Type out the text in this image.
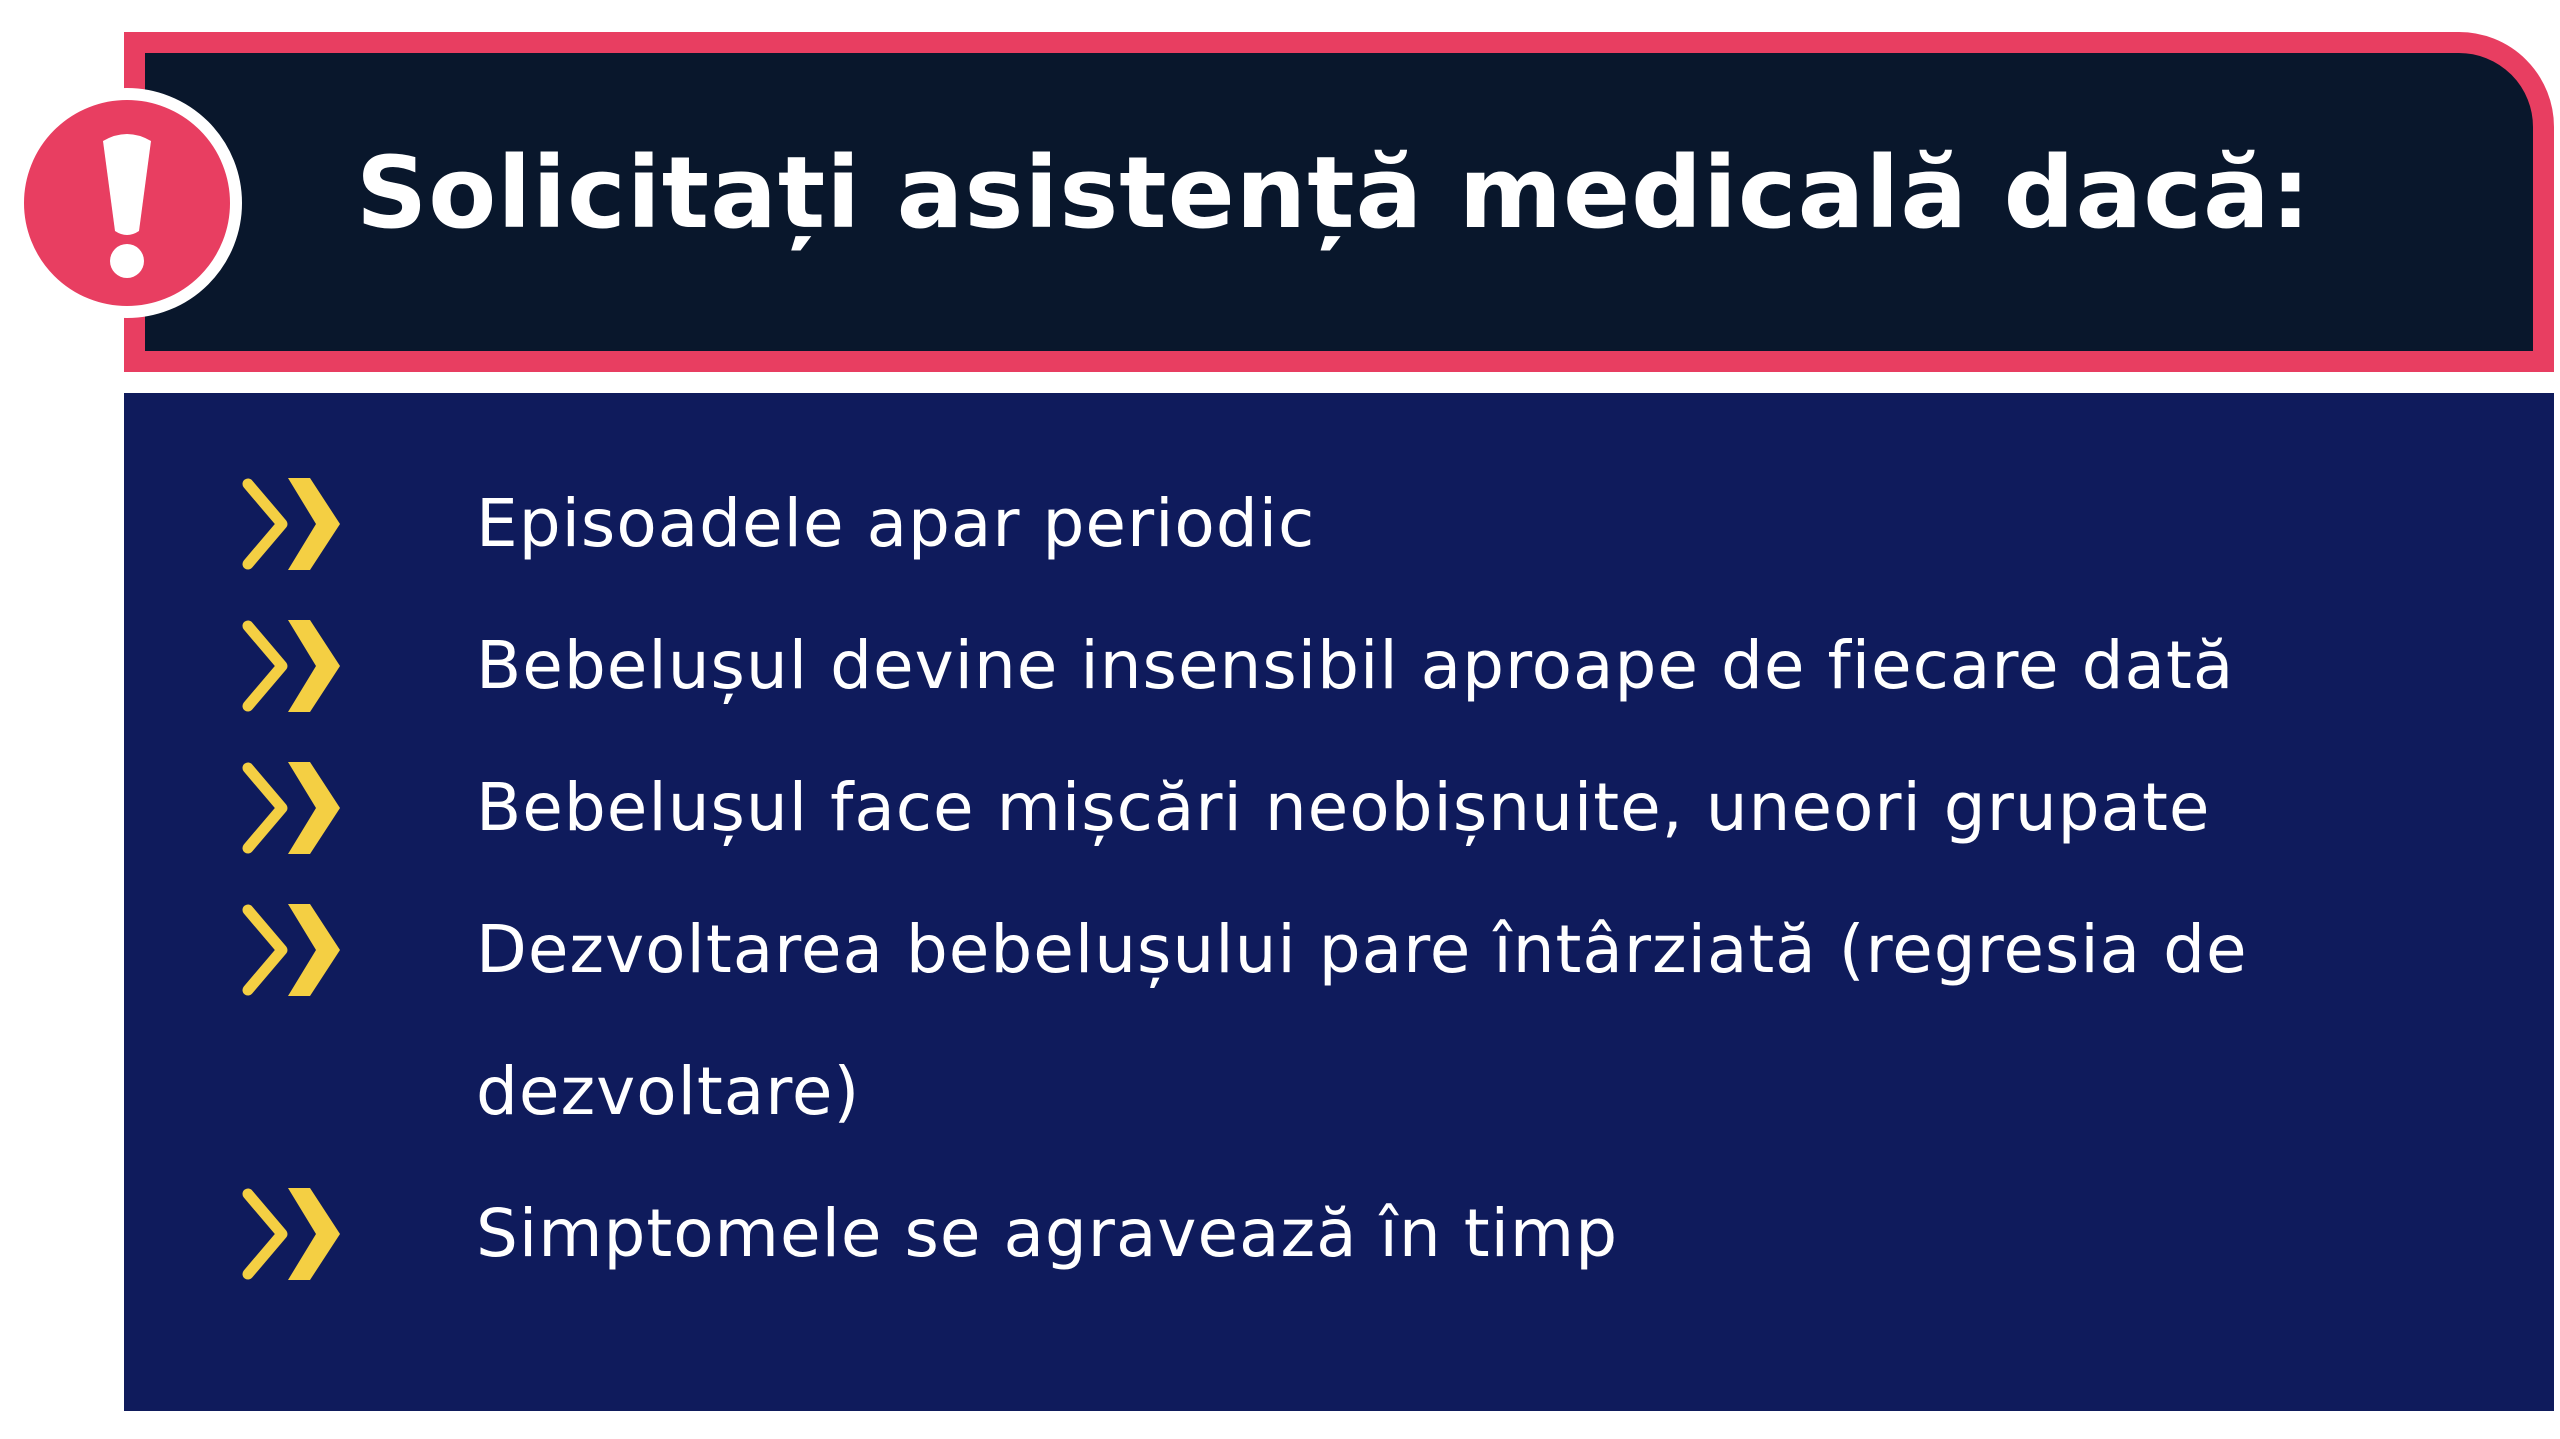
Solicitați asistență medicală dacă:
Episoadele apar periodic
Bebelușul devine insensibil aproape de fiecare dată
Bebelușul face mișcări neobișnuite, uneori grupate
Dezvoltarea bebelușului pare întârziată (regresia de dezvoltare)
Simptomele se agravează în timp
